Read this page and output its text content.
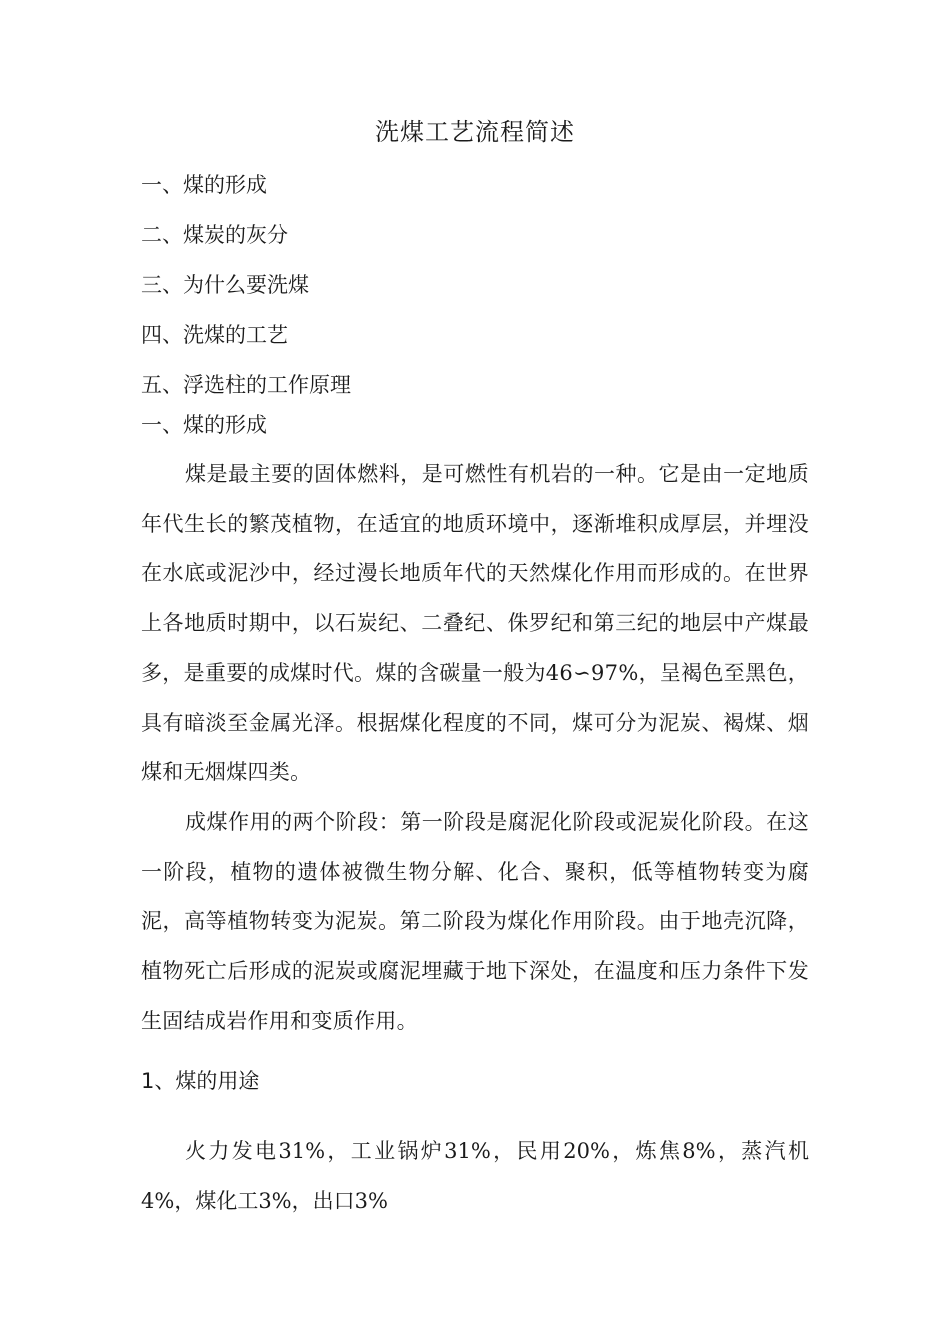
洗煤工艺流程简述
一、煤的形成
二、煤炭的灰分
三、为什么要洗煤
四、洗煤的工艺
五、浮选柱的工作原理
一、煤的形成

煤是最主要的固体燃料，是可燃性有机岩的一种。它是由一定地质年代生长的繁茂植物，在适宜的地质环境中，逐渐堆积成厚层，并埋没在水底或泥沙中，经过漫长地质年代的天然煤化作用而形成的。在世界上各地质时期中，以石炭纪、二叠纪、侏罗纪和第三纪的地层中产煤最多，是重要的成煤时代。煤的含碳量一般为46∽97%，呈褐色至黑色，具有暗淡至金属光泽。根据煤化程度的不同，煤可分为泥炭、褐煤、烟煤和无烟煤四类。

成煤作用的两个阶段：第一阶段是腐泥化阶段或泥炭化阶段。在这一阶段，植物的遗体被微生物分解、化合、聚积，低等植物转变为腐泥，高等植物转变为泥炭。第二阶段为煤化作用阶段。由于地壳沉降，植物死亡后形成的泥炭或腐泥埋藏于地下深处，在温度和压力条件下发生固结成岩作用和变质作用。

1、煤的用途

火力发电31%，工业锅炉31%，民用20%，炼焦8%，蒸汽机4%，煤化工3%，出口3%
